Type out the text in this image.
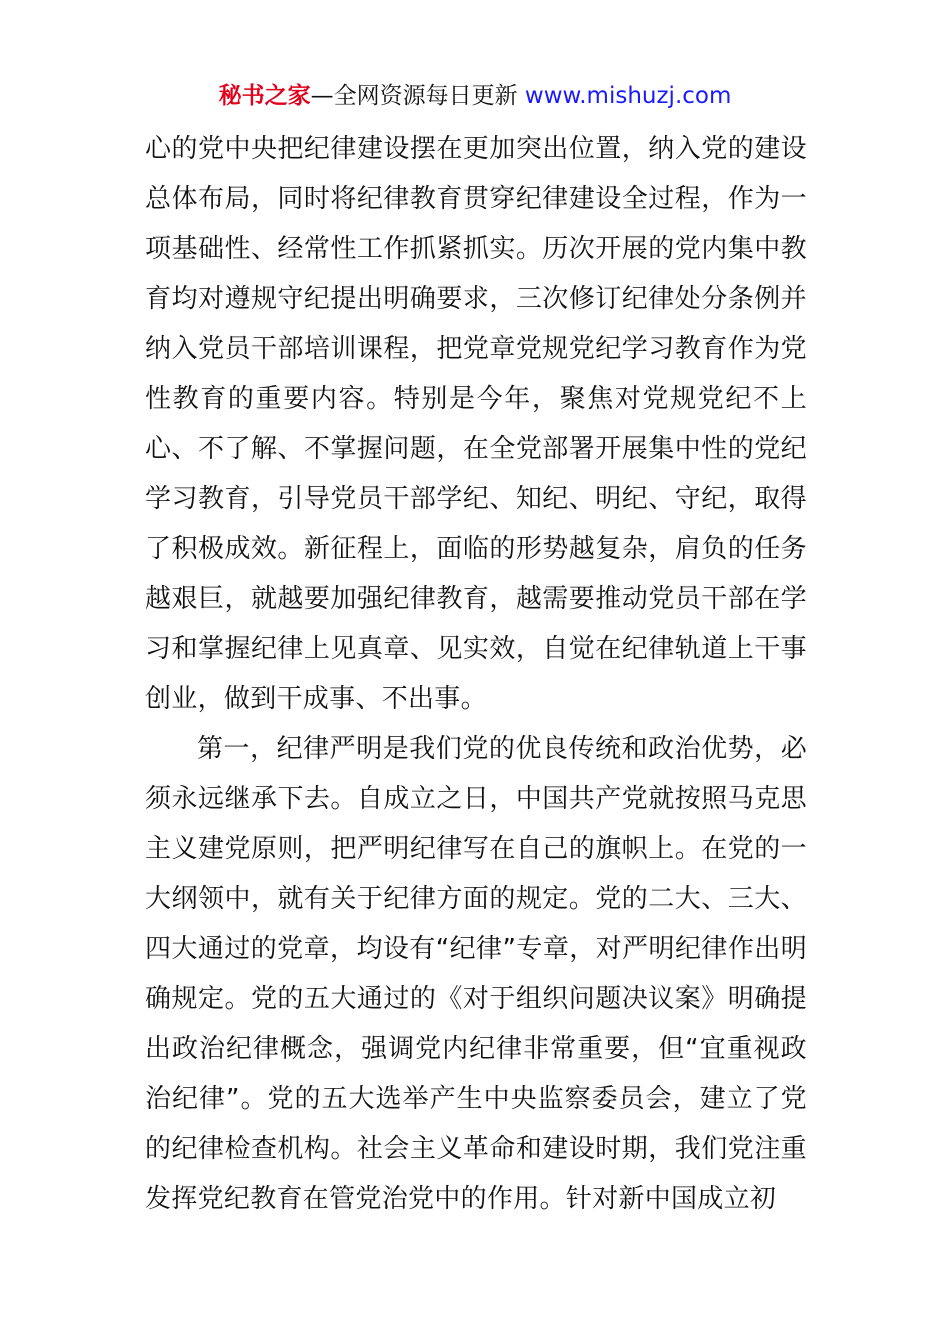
秘书之家—全网资源每日更新 www.mishuzj.com

心的党中央把纪律建设摆在更加突出位置，纳入党的建设总体布局，同时将纪律教育贯穿纪律建设全过程，作为一项基础性、经常性工作抓紧抓实。历次开展的党内集中教育均对遵规守纪提出明确要求，三次修订纪律处分条例并纳入党员干部培训课程，把党章党规党纪学习教育作为党性教育的重要内容。特别是今年，聚焦对党规党纪不上心、不了解、不掌握问题，在全党部署开展集中性的党纪学习教育，引导党员干部学纪、知纪、明纪、守纪，取得了积极成效。新征程上，面临的形势越复杂，肩负的任务越艰巨，就越要加强纪律教育，越需要推动党员干部在学习和掌握纪律上见真章、见实效，自觉在纪律轨道上干事创业，做到干成事、不出事。

第一，纪律严明是我们党的优良传统和政治优势，必须永远继承下去。自成立之日，中国共产党就按照马克思主义建党原则，把严明纪律写在自己的旗帜上。在党的一大纲领中，就有关于纪律方面的规定。党的二大、三大、四大通过的党章，均设有“纪律”专章，对严明纪律作出明确规定。党的五大通过的《对于组织问题决议案》明确提出政治纪律概念，强调党内纪律非常重要，但“宜重视政治纪律”。党的五大选举产生中央监察委员会，建立了党的纪律检查机构。社会主义革命和建设时期，我们党注重发挥党纪教育在管党治党中的作用。针对新中国成立初
